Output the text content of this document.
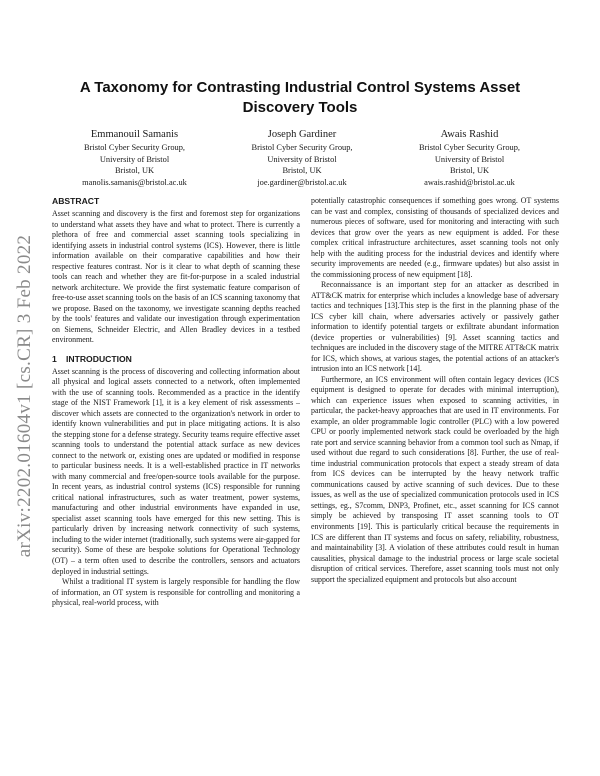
arXiv:2202.01604v1 [cs.CR] 3 Feb 2022
A Taxonomy for Contrasting Industrial Control Systems Asset Discovery Tools
Emmanouil Samanis
Bristol Cyber Security Group,
University of Bristol
Bristol, UK
manolis.samanis@bristol.ac.uk
Joseph Gardiner
Bristol Cyber Security Group,
University of Bristol
Bristol, UK
joe.gardiner@bristol.ac.uk
Awais Rashid
Bristol Cyber Security Group,
University of Bristol
Bristol, UK
awais.rashid@bristol.ac.uk
ABSTRACT

Asset scanning and discovery is the first and foremost step for organizations to understand what assets they have and what to protect. There is currently a plethora of free and commercial asset scanning tools specializing in identifying assets in industrial control systems (ICS). However, there is little information available on their comparative capabilities and how their respective features contrast. Nor is it clear to what depth of scanning these tools can reach and whether they are fit-for-purpose in a scaled industrial network architecture. We provide the first systematic feature comparison of free-to-use asset scanning tools on the basis of an ICS scanning taxonomy that we propose. Based on the taxonomy, we investigate scanning depths reached by the tools' features and validate our investigation through experimentation on Siemens, Schneider Electric, and Allen Bradley devices in a testbed environment.

1 INTRODUCTION

Asset scanning is the process of discovering and collecting information about all physical and logical assets connected to a network, often implemented with the use of scanning tools. Recommended as a practice in the identify stage of the NIST Framework [1], it is a key element of risk assessments – discover which assets are connected to the organization's network in order to identify known vulnerabilities and put in place mitigating actions. It is also the stepping stone for a defense strategy. Security teams require effective asset scanning tools to understand the potential attack surface as new devices connect to the network or, existing ones are updated or modified in response to particular business needs. It is a well-established practice in IT networks with many commercial and free/open-source tools available for the purpose. In recent years, as industrial control systems (ICS) responsible for running critical national infrastructures, such as water treatment, power systems, manufacturing and other industrial environments have expanded in use, specialist asset scanning tools have emerged for this new setting. This is particularly driven by increasing network connectivity of such systems, including to the wider internet (traditionally, such systems were air-gapped for security). Some of these are bespoke solutions for Operational Technology (OT) – a term often used to describe the controllers, sensors and actuators deployed in industrial settings.

Whilst a traditional IT system is largely responsible for handling the flow of information, an OT system is responsible for controlling and monitoring a physical, real-world process, with

potentially catastrophic consequences if something goes wrong. OT systems can be vast and complex, consisting of thousands of specialized devices and numerous pieces of software, used for monitoring and interacting with such devices that grow over the years as new equipment is added. For these complex critical infrastructure architectures, asset scanning tools not only help with the auditing process for the industrial devices and identify where security improvements are needed (e.g., firmware updates) but also assist in the commissioning process of new equipment [18].

Reconnaissance is an important step for an attacker as described in ATT&CK matrix for enterprise which includes a knowledge base of adversary tactics and techniques [13].This step is the first in the planning phase of the ICS cyber kill chain, where adversaries actively or passively gather information to identify potential targets or exfiltrate abundant information (device properties or vulnerabilities) [9]. Asset scanning tactics and techniques are included in the discovery stage of the MITRE ATT&CK matrix for ICS, which shows, at various stages, the potential actions of an attacker's intrusion into an ICS network [14].

Furthermore, an ICS environment will often contain legacy devices (ICS equipment is designed to operate for decades with minimal interruption), which can experience issues when exposed to scanning activities, in particular, the packet-heavy approaches that are used in IT environments. For example, an older programmable logic controller (PLC) with a low powered CPU or poorly implemented network stack could be overloaded by the high rate port and service scanning behavior from a common tool such as Nmap, if used without due regard to such considerations [8]. Further, the use of real-time industrial communication protocols that expect a steady stream of data from ICS devices can be interrupted by the heavy network traffic communications caused by active scanning of such devices. Due to these issues, as well as the use of specialized communication protocols used in ICS settings, eg., S7comm, DNP3, Profinet, etc., asset scanning for ICS cannot simply be achieved by transposing IT asset scanning tools to OT environments [19]. This is particularly critical because the requirements in ICS are different than IT systems and focus on safety, reliability, robustness, and maintainability [3]. A violation of these attributes could result in human causalities, physical damage to the industrial process or large scale societal disruption of critical services. Therefore, asset scanning tools must not only support the specialized equipment and protocols but also account
